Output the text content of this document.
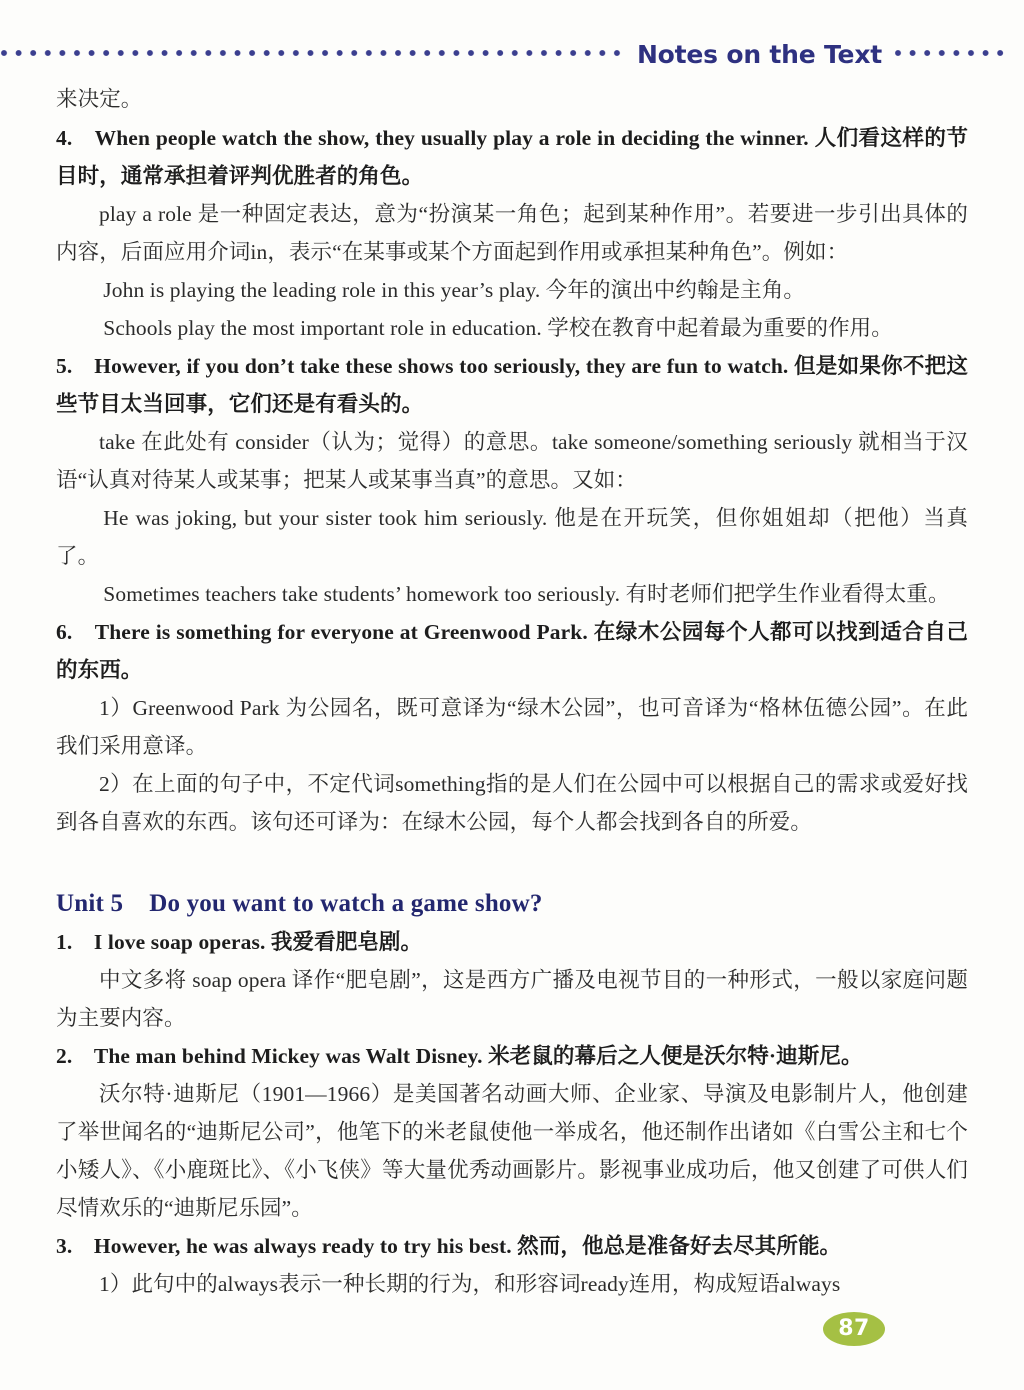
Notes on the Text

来决定。

4.　When people watch the show, they usually play a role in deciding the winner. 人们看这样的节目时，通常承担着评判优胜者的角色。

play a role 是一种固定表达，意为“扮演某一角色；起到某种作用”。若要进一步引出具体的内容，后面应用介词in，表示“在某事或某个方面起到作用或承担某种角色”。例如：

John is playing the leading role in this year’s play. 今年的演出中约翰是主角。

Schools play the most important role in education. 学校在教育中起着最为重要的作用。

5.　However, if you don’t take these shows too seriously, they are fun to watch. 但是如果你不把这些节目太当回事，它们还是有看头的。

take 在此处有 consider（认为；觉得）的意思。take someone/something seriously 就相当于汉语“认真对待某人或某事；把某人或某事当真”的意思。又如：

He was joking, but your sister took him seriously. 他是在开玩笑，但你姐姐却（把他）当真了。

Sometimes teachers take students’ homework too seriously. 有时老师们把学生作业看得太重。

6.　There is something for everyone at Greenwood Park. 在绿木公园每个人都可以找到适合自己的东西。

1）Greenwood Park 为公园名，既可意译为“绿木公园”，也可音译为“格林伍德公园”。在此我们采用意译。

2）在上面的句子中，不定代词something指的是人们在公园中可以根据自己的需求或爱好找到各自喜欢的东西。该句还可译为：在绿木公园，每个人都会找到各自的所爱。

Unit 5 Do you want to watch a game show?

1.　I love soap operas. 我爱看肥皂剧。

中文多将 soap opera 译作“肥皂剧”，这是西方广播及电视节目的一种形式，一般以家庭问题为主要内容。

2.　The man behind Mickey was Walt Disney. 米老鼠的幕后之人便是沃尔特·迪斯尼。

沃尔特·迪斯尼（1901—1966）是美国著名动画大师、企业家、导演及电影制片人，他创建了举世闻名的“迪斯尼公司”，他笔下的米老鼠使他一举成名，他还制作出诸如《白雪公主和七个小矮人》、《小鹿斑比》、《小飞侠》等大量优秀动画影片。影视事业成功后，他又创建了可供人们尽情欢乐的“迪斯尼乐园”。

3.　However, he was always ready to try his best. 然而，他总是准备好去尽其所能。

1）此句中的always表示一种长期的行为，和形容词ready连用，构成短语always

87
